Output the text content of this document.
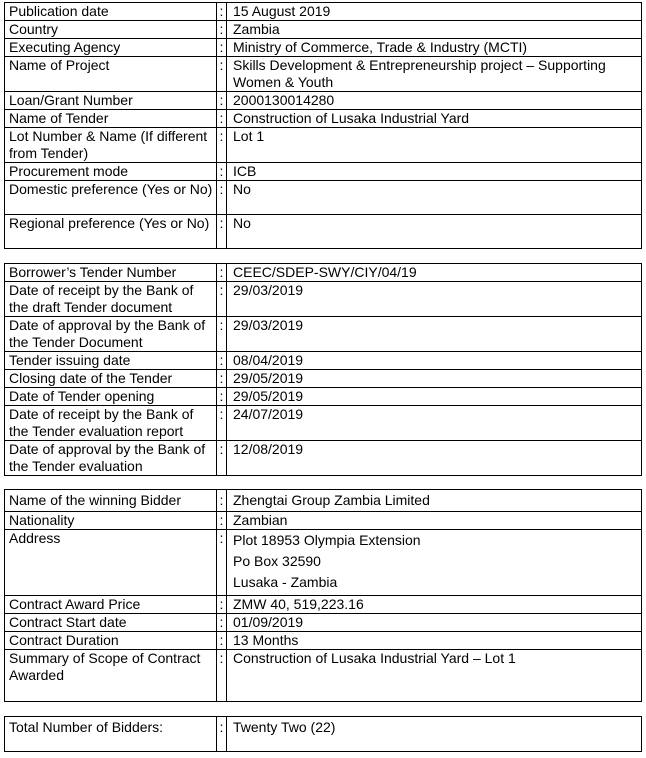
Publication date	:	15 August 2019
Country	:	Zambia
Executing Agency	:	Ministry of Commerce, Trade & Industry (MCTI)
Name of Project	:	Skills Development & Entrepreneurship project – Supporting Women & Youth
Loan/Grant Number	:	2000130014280
Name of Tender	:	Construction of Lusaka Industrial Yard
Lot Number & Name (If different from Tender)	:	Lot 1
Procurement mode	:	ICB
Domestic preference (Yes or No)	:	No
Regional preference (Yes or No)	:	No
Borrower’s Tender Number	:	CEEC/SDEP-SWY/CIY/04/19
Date of receipt by the Bank of the draft Tender document	:	29/03/2019
Date of approval by the Bank of the Tender Document	:	29/03/2019
Tender issuing date	:	08/04/2019
Closing date of the Tender	:	29/05/2019
Date of Tender opening	:	29/05/2019
Date of receipt by the Bank of the Tender evaluation report	:	24/07/2019
Date of approval by the Bank of the Tender evaluation	:	12/08/2019
Name of the winning Bidder	:	Zhengtai Group Zambia Limited
Nationality	:	Zambian
Address	:	Plot 18953 Olympia Extension
Po Box 32590
Lusaka - Zambia

Contract Award Price	:	ZMW 40, 519,223.16
Contract Start date	:	01/09/2019
Contract Duration	:	13 Months
Summary of Scope of Contract Awarded	:	Construction of Lusaka Industrial Yard – Lot 1
Total Number of Bidders:	:	Twenty Two (22)
